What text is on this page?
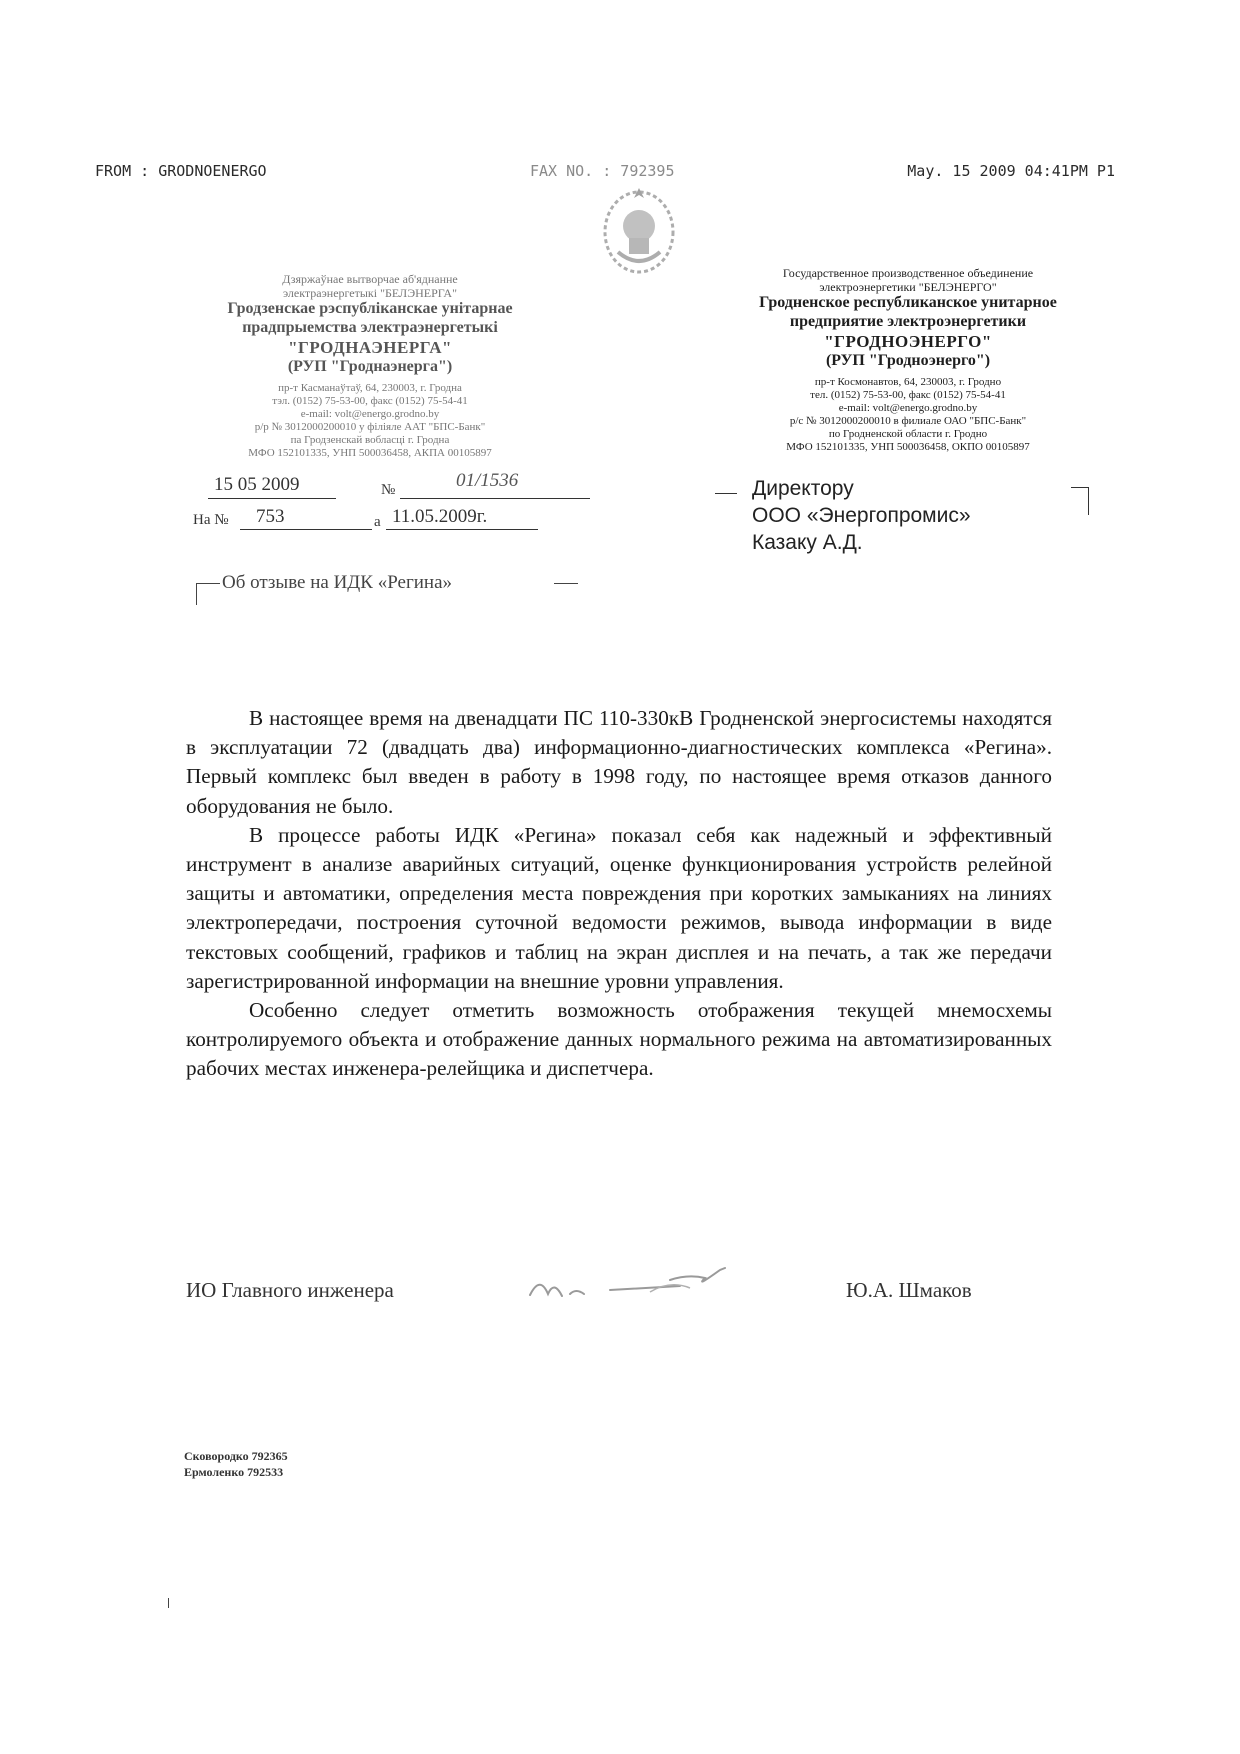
FROM : GRODNOENERGO	FAX NO. : 792395	May. 15 2009 04:41PM P1
Дзяржаўнае вытворчае аб'яднанне
электраэнергетыкі "БЕЛЭНЕРГА"
Гродзенскае рэспубліканскае унітарнае
прадпрыемства электраэнергетыкі
"ГРОДНАЭНЕРГА"
(РУП "Гроднаэнерга")
пр-т Касманаўтаў, 64, 230003, г. Гродна
тэл. (0152) 75-53-00, факс (0152) 75-54-41
e-mail: volt@energo.grodno.by
р/р № 3012000200010 у філіяле ААТ "БПС-Банк"
па Гродзенскай вобласці г. Гродна
МФО 152101335, УНП 500036458, АКПА 00105897
Государственное производственное объединение
электроэнергетики "БЕЛЭНЕРГО"
Гродненское республиканское унитарное
предприятие электроэнергетики
"ГРОДНОЭНЕРГО"
(РУП "Гродноэнерго")
пр-т Космонавтов, 64, 230003, г. Гродно
тел. (0152) 75-53-00, факс (0152) 75-54-41
e-mail: volt@energo.grodno.by
р/с № 3012000200010 в филиале ОАО "БПС-Банк"
по Гродненской области г. Гродно
МФО 152101335, УНП 500036458, ОКПО 00105897
15 05 2009	№	01/1536
На № 753	а 11.05.2009г.
Директору
ООО «Энергопромис»
Казаку А.Д.
Об отзыве на ИДК «Регина»

В настоящее время на двенадцати ПС 110-330кВ Гродненской энергосистемы находятся в эксплуатации 72 (двадцать два) информационно-диагностических комплекса «Регина». Первый комплекс был введен в работу в 1998 году, по настоящее время отказов данного оборудования не было.

В процессе работы ИДК «Регина» показал себя как надежный и эффективный инструмент в анализе аварийных ситуаций, оценке функционирования устройств релейной защиты и автоматики, определения места повреждения при коротких замыканиях на линиях электропередачи, построения суточной ведомости режимов, вывода информации в виде текстовых сообщений, графиков и таблиц на экран дисплея и на печать, а так же передачи зарегистрированной информации на внешние уровни управления.

Особенно следует отметить возможность отображения текущей мнемосхемы контролируемого объекта и отображение данных нормального режима на автоматизированных рабочих местах инженера-релейщика и диспетчера.

ИО Главного инженера	Ю.А. Шмаков
Сковородко 792365
Ермоленко 792533
